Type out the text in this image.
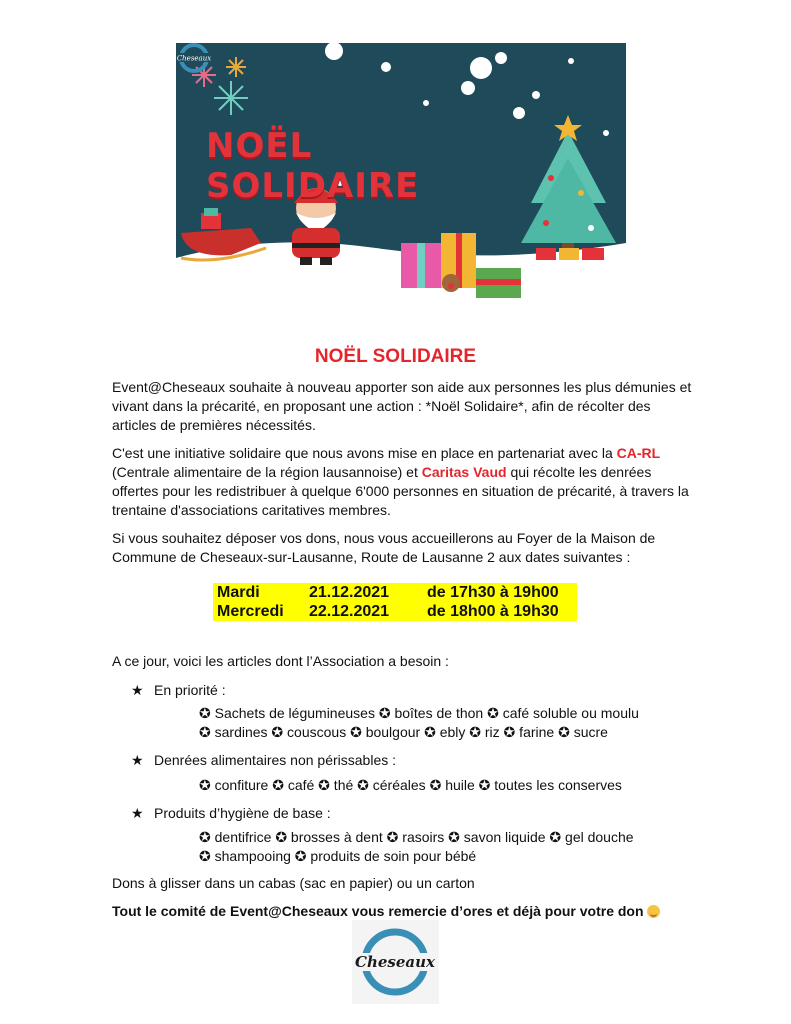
NOËL SOLIDAIRE
Cheseaux
NOËL SOLIDAIRE

Event@Cheseaux souhaite à nouveau apporter son aide aux personnes les plus démunies et vivant dans la précarité, en proposant une action : *Noël Solidaire*, afin de récolter des articles de premières nécessités.

C'est une initiative solidaire que nous avons mise en place en partenariat avec la CA-RL (Centrale alimentaire de la région lausannoise) et Caritas Vaud qui récolte les denrées offertes pour les redistribuer à quelque 6'000 personnes en situation de précarité, à travers la trentaine d'associations caritatives membres.

Si vous souhaitez déposer vos dons, nous vous accueillerons au Foyer de la Maison de Commune de Cheseaux-sur-Lausanne, Route de Lausanne 2 aux dates suivantes :

Mardi	21.12.2021	de 17h30 à 19h00
Mercredi	22.12.2021	de 18h00 à 19h30

A ce jour, voici les articles dont l’Association a besoin :

★ En priorité :

✪ Sachets de légumineuses ✪ boîtes de thon ✪ café soluble ou moulu
✪ sardines ✪ couscous ✪ boulgour ✪ ebly ✪ riz ✪ farine ✪ sucre

★ Denrées alimentaires non périssables :

✪ confiture ✪ café ✪ thé ✪ céréales ✪ huile ✪ toutes les conserves

★ Produits d’hygiène de base :

✪ dentifrice ✪ brosses à dent ✪ rasoirs ✪ savon liquide ✪ gel douche
✪ shampooing ✪ produits de soin pour bébé

Dons à glisser dans un cabas (sac en papier) ou un carton

Tout le comité de Event@Cheseaux vous remercie d’ores et déjà pour votre don

Cheseaux
